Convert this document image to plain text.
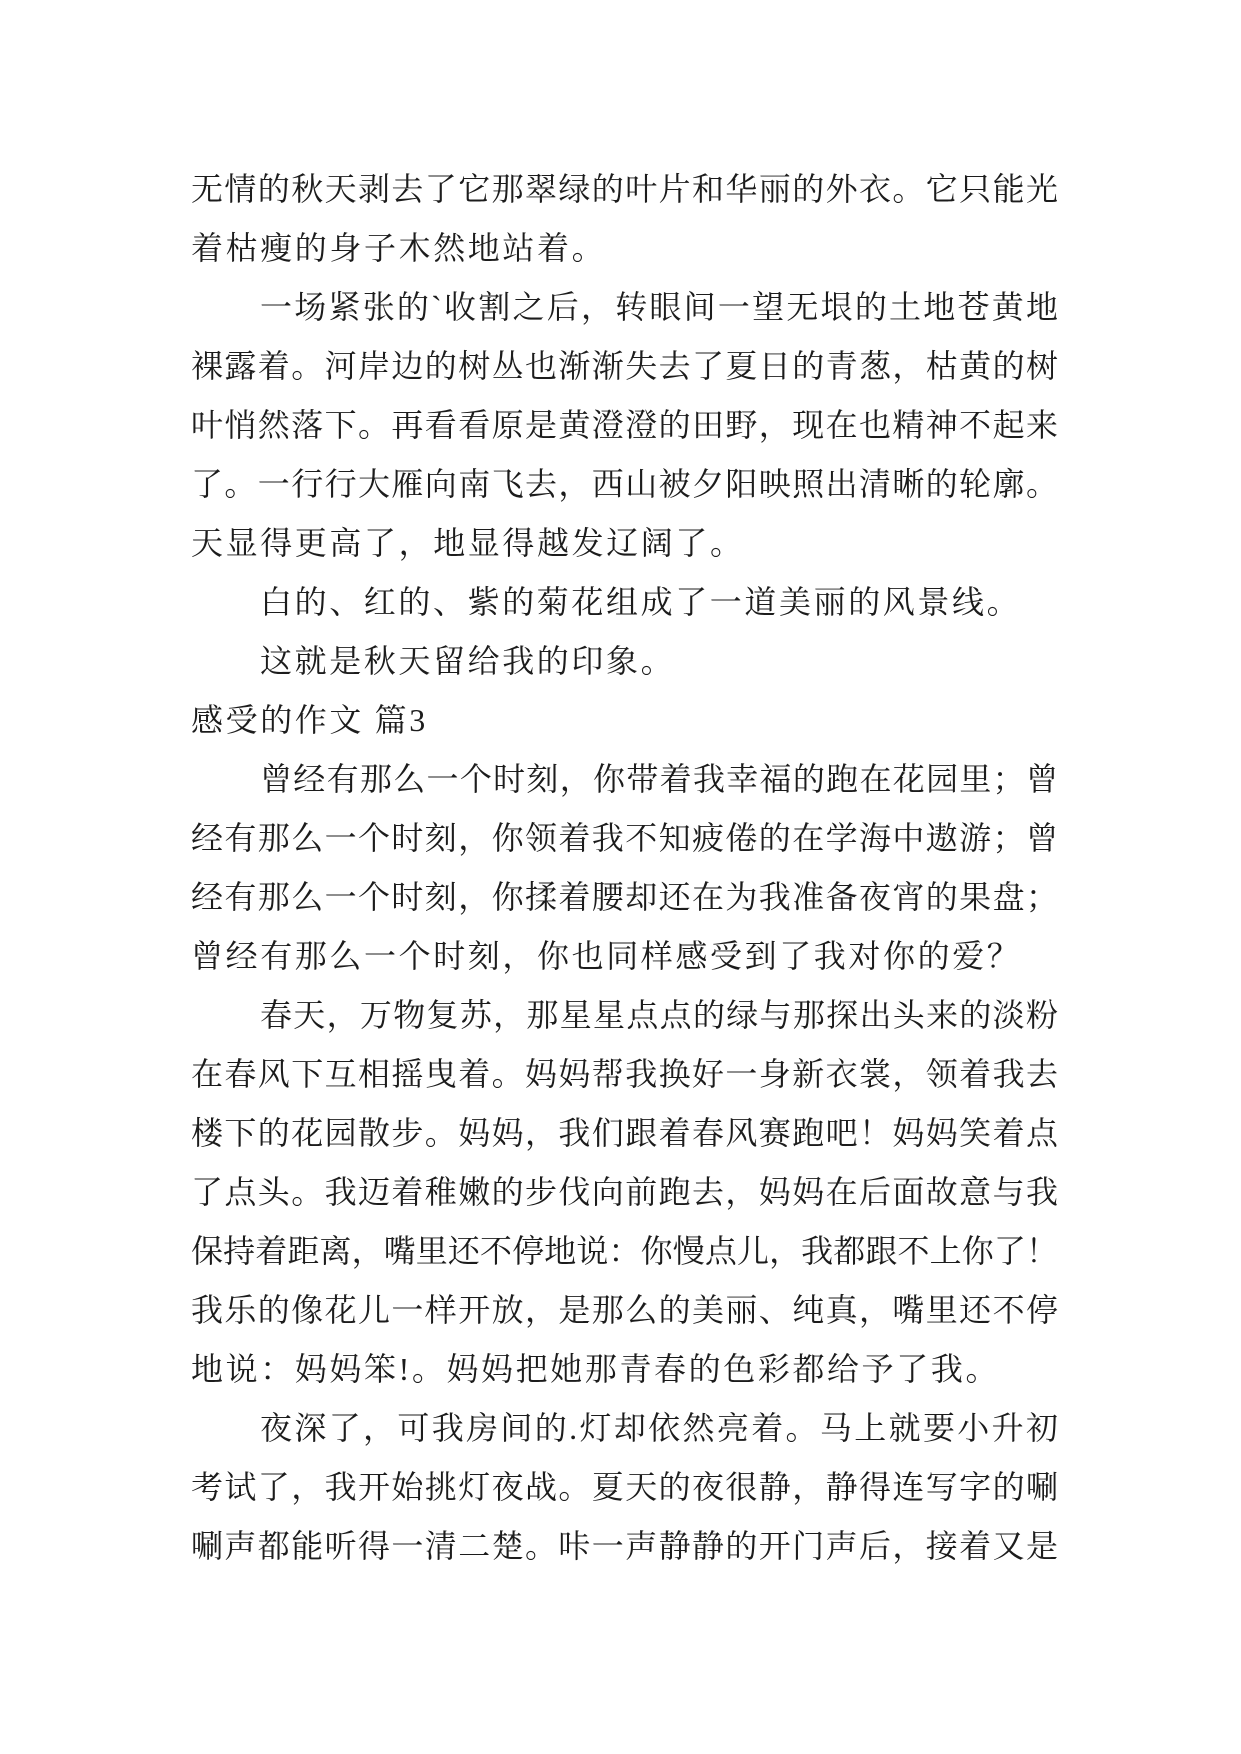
无情的秋天剥去了它那翠绿的叶片和华丽的外衣。它只能光
着枯瘦的身子木然地站着。
一场紧张的`收割之后，转眼间一望无垠的土地苍黄地
裸露着。河岸边的树丛也渐渐失去了夏日的青葱，枯黄的树
叶悄然落下。再看看原是黄澄澄的田野，现在也精神不起来
了。一行行大雁向南飞去，西山被夕阳映照出清晰的轮廓。
天显得更高了，地显得越发辽阔了。
白的、红的、紫的菊花组成了一道美丽的风景线。
这就是秋天留给我的印象。
感受的作文 篇3
曾经有那么一个时刻，你带着我幸福的跑在花园里；曾
经有那么一个时刻，你领着我不知疲倦的在学海中遨游；曾
经有那么一个时刻，你揉着腰却还在为我准备夜宵的果盘；
曾经有那么一个时刻，你也同样感受到了我对你的爱？
春天，万物复苏，那星星点点的绿与那探出头来的淡粉
在春风下互相摇曳着。妈妈帮我换好一身新衣裳，领着我去
楼下的花园散步。妈妈，我们跟着春风赛跑吧！妈妈笑着点
了点头。我迈着稚嫩的步伐向前跑去，妈妈在后面故意与我
保持着距离，嘴里还不停地说：你慢点儿，我都跟不上你了！
我乐的像花儿一样开放，是那么的美丽、纯真，嘴里还不停
地说：妈妈笨!。妈妈把她那青春的色彩都给予了我。
夜深了，可我房间的.灯却依然亮着。马上就要小升初
考试了，我开始挑灯夜战。夏天的夜很静，静得连写字的唰
唰声都能听得一清二楚。咔一声静静的开门声后，接着又是
